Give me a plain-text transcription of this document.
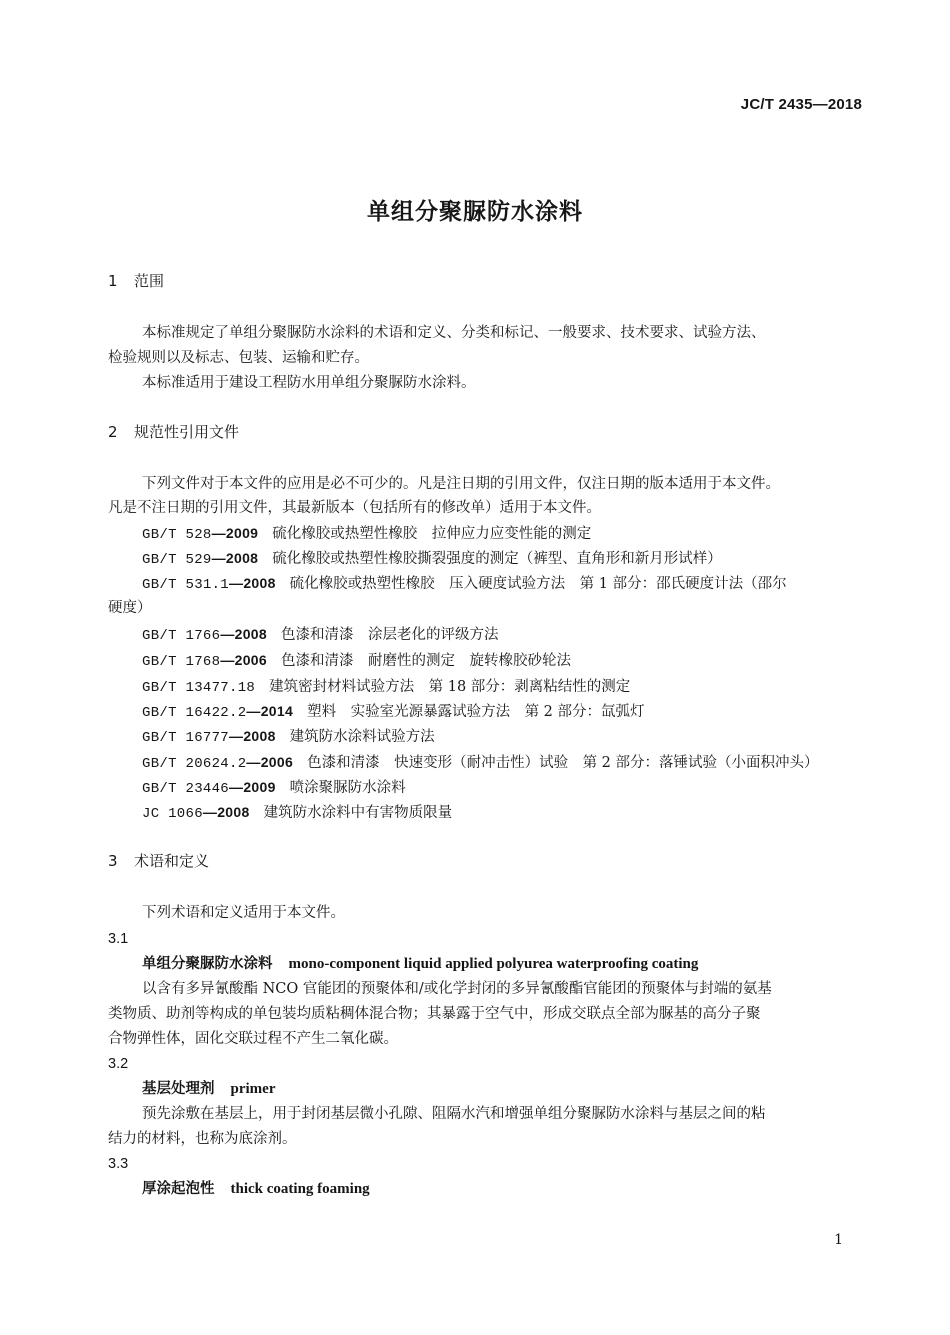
JC/T 2435—2018
单组分聚脲防水涂料
1 范围
本标准规定了单组分聚脲防水涂料的术语和定义、分类和标记、一般要求、技术要求、试验方法、
检验规则以及标志、包装、运输和贮存。
本标准适用于建设工程防水用单组分聚脲防水涂料。
2 规范性引用文件
下列文件对于本文件的应用是必不可少的。凡是注日期的引用文件，仅注日期的版本适用于本文件。
凡是不注日期的引用文件，其最新版本（包括所有的修改单）适用于本文件。
GB/T 528—2009 硫化橡胶或热塑性橡胶　拉伸应力应变性能的测定
GB/T 529—2008 硫化橡胶或热塑性橡胶撕裂强度的测定（裤型、直角形和新月形试样）
GB/T 531.1—2008 硫化橡胶或热塑性橡胶　压入硬度试验方法　第 1 部分：邵氏硬度计法（邵尔
硬度）
GB/T 1766—2008 色漆和清漆　涂层老化的评级方法
GB/T 1768—2006 色漆和清漆　耐磨性的测定　旋转橡胶砂轮法
GB/T 13477.18 建筑密封材料试验方法　第 18 部分：剥离粘结性的测定
GB/T 16422.2—2014 塑料　实验室光源暴露试验方法　第 2 部分：氙弧灯
GB/T 16777—2008 建筑防水涂料试验方法
GB/T 20624.2—2006 色漆和清漆　快速变形（耐冲击性）试验　第 2 部分：落锤试验（小面积冲头）
GB/T 23446—2009 喷涂聚脲防水涂料
JC 1066—2008 建筑防水涂料中有害物质限量
3 术语和定义
下列术语和定义适用于本文件。
3.1
单组分聚脲防水涂料 mono-component liquid applied polyurea waterproofing coating
以含有多异氰酸酯 NCO 官能团的预聚体和/或化学封闭的多异氰酸酯官能团的预聚体与封端的氨基
类物质、助剂等构成的单包装均质粘稠体混合物；其暴露于空气中，形成交联点全部为脲基的高分子聚
合物弹性体，固化交联过程不产生二氧化碳。
3.2
基层处理剂 primer
预先涂敷在基层上，用于封闭基层微小孔隙、阻隔水汽和增强单组分聚脲防水涂料与基层之间的粘
结力的材料，也称为底涂剂。
3.3
厚涂起泡性 thick coating foaming
1
